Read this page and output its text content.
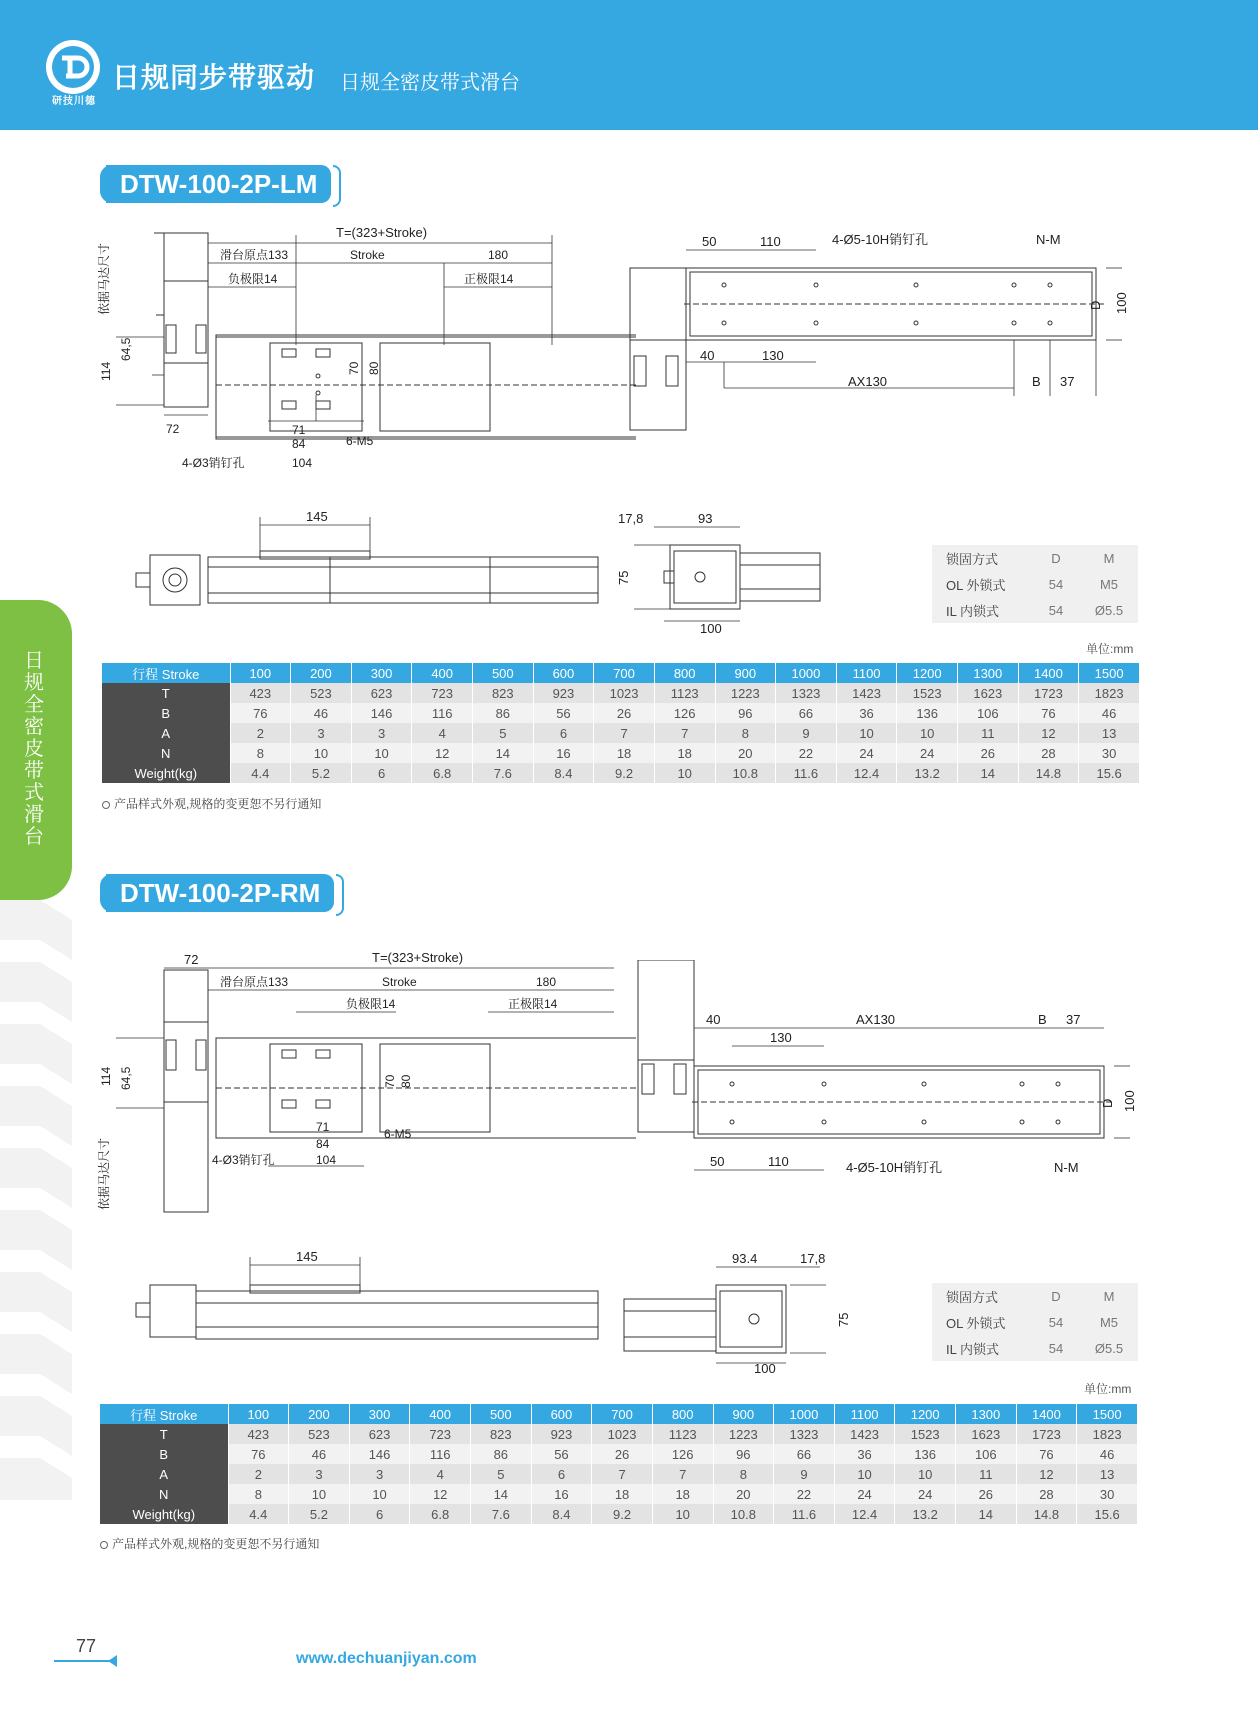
研技川德
日规同步带驱动 日规全密皮带式滑台
日规全密皮带式滑台
DTW-100-2P-LM
T=(323+Stroke)
滑台原点133	Stroke	180
负极限14	正极限14
72	71
84
104
4-Ø3销钉孔
6-M5
70 80
114
64,5
依据马达尺寸
50	110	4-Ø5-10H销钉孔	N-M
40	130
AX130	B 37
D 100
145	17,8	93
75
100
锁固方式	D	M
OL 外锁式	54	M5
IL 内锁式	54	Ø5.5
单位:mm
行程 Stroke	100	200	300	400	500	600	700	800	900	1000	1100	1200	1300	1400	1500
T	423	523	623	723	823	923	1023	1123	1223	1323	1423	1523	1623	1723	1823
B	76	46	146	116	86	56	26	126	96	66	36	136	106	76	46
A	2	3	3	4	5	6	7	7	8	9	10	10	11	12	13
N	8	10	10	12	14	16	18	18	20	22	24	24	26	28	30
Weight(kg)	4.4	5.2	6	6.8	7.6	8.4	9.2	10	10.8	11.6	12.4	13.2	14	14.8	15.6
产品样式外观,规格的变更恕不另行通知
DTW-100-2P-RM
72	T=(323+Stroke)
滑台原点133	Stroke	180
负极限14	正极限14
71
84
104
4-Ø3销钉孔
6-M5
70 80
114 64,5
依据马达尺寸
40
130
AX130	B 37
50	110	4-Ø5-10H销钉孔	N-M
D 100
145	93.4	17,8
75
100
锁固方式	D	M
OL 外锁式	54	M5
IL 内锁式	54	Ø5.5
单位:mm
行程 Stroke	100	200	300	400	500	600	700	800	900	1000	1100	1200	1300	1400	1500
T	423	523	623	723	823	923	1023	1123	1223	1323	1423	1523	1623	1723	1823
B	76	46	146	116	86	56	26	126	96	66	36	136	106	76	46
A	2	3	3	4	5	6	7	7	8	9	10	10	11	12	13
N	8	10	10	12	14	16	18	18	20	22	24	24	26	28	30
Weight(kg)	4.4	5.2	6	6.8	7.6	8.4	9.2	10	10.8	11.6	12.4	13.2	14	14.8	15.6
产品样式外观,规格的变更恕不另行通知
77
www.dechuanjiyan.com
